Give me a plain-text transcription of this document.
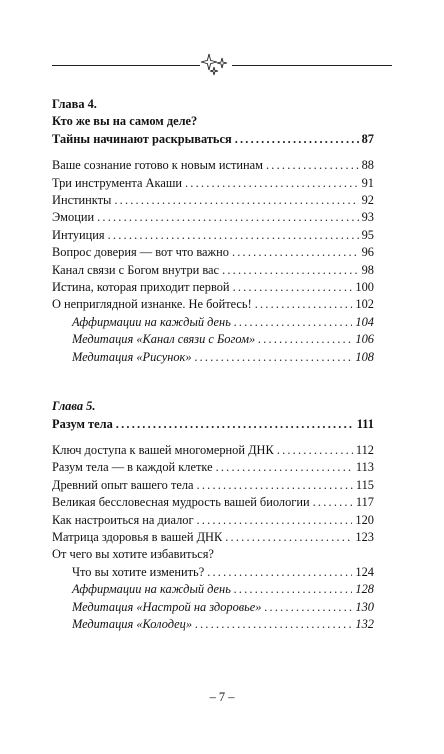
Глава 4.
Кто же вы на самом деле?
Тайны начинают раскрываться .....	87
Ваше сознание готово к новым истинам .....	88
Три инструмента Акаши .....	91
Инстинкты .....	92
Эмоции .....	93
Интуиция .....	95
Вопрос доверия — вот что важно .....	96
Канал связи с Богом внутри вас .....	98
Истина, которая приходит первой .....	100
О неприглядной изнанке. Не бойтесь! .....	102
Аффирмации на каждый день .....	104
Медитация «Канал связи с Богом» .....	106
Медитация «Рисунок» .....	108
Глава 5.
Разум тела .....	111
Ключ доступа к вашей многомерной ДНК .....	112
Разум тела — в каждой клетке .....	113
Древний опыт вашего тела .....	115
Великая бессловесная мудрость вашей биологии .....	117
Как настроиться на диалог .....	120
Матрица здоровья в вашей ДНК .....	123
От чего вы хотите избавиться?
Что вы хотите изменить? .....	124
Аффирмации на каждый день .....	128
Медитация «Настрой на здоровье» .....	130
Медитация «Колодец» .....	132
– 7 –
